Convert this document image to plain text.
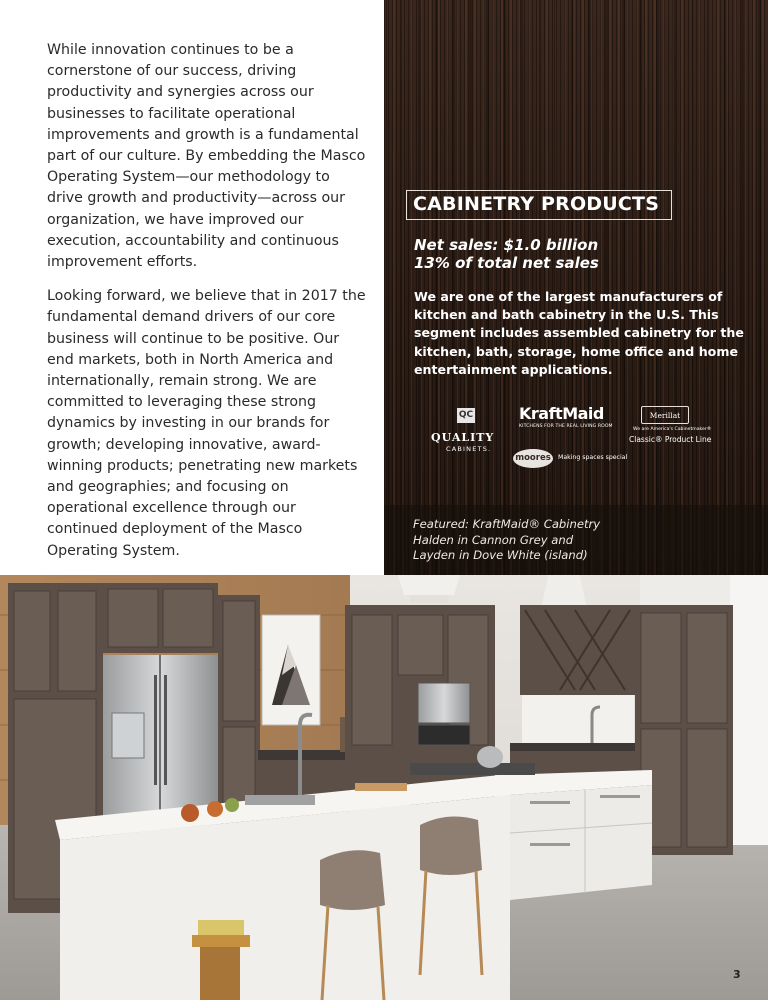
While innovation continues to be a cornerstone of our success, driving productivity and synergies across our businesses to facilitate operational improvements and growth is a fundamental part of our culture. By embedding the Masco Operating System—our methodology to drive growth and productivity—across our organization, we have improved our execution, accountability and continuous improvement efforts.

Looking forward, we believe that in 2017 the fundamental demand drivers of our core business will continue to be positive. Our end markets, both in North America and internationally, remain strong. We are committed to leveraging these strong dynamics by investing in our brands for growth; developing innovative, award-winning products; penetrating new markets and geographies; and focusing on operational excellence through our continued deployment of the Masco Operating System.

CABINETRY PRODUCTS
Net sales: $1.0 billion
13% of total net sales
We are one of the largest manufacturers of kitchen and bath cabinetry in the U.S. This segment includes assembled cabinetry for the kitchen, bath, storage, home office and home entertainment applications.
QC
QUALITY
CABINETS.
KraftMaid
KITCHENS FOR THE REAL LIVING ROOM
Merillat
We are America's Cabinetmaker®
Classic® Product Line
moores	Making spaces special
Featured: KraftMaid® Cabinetry
Halden in Cannon Grey and
Layden in Dove White (island)
3
